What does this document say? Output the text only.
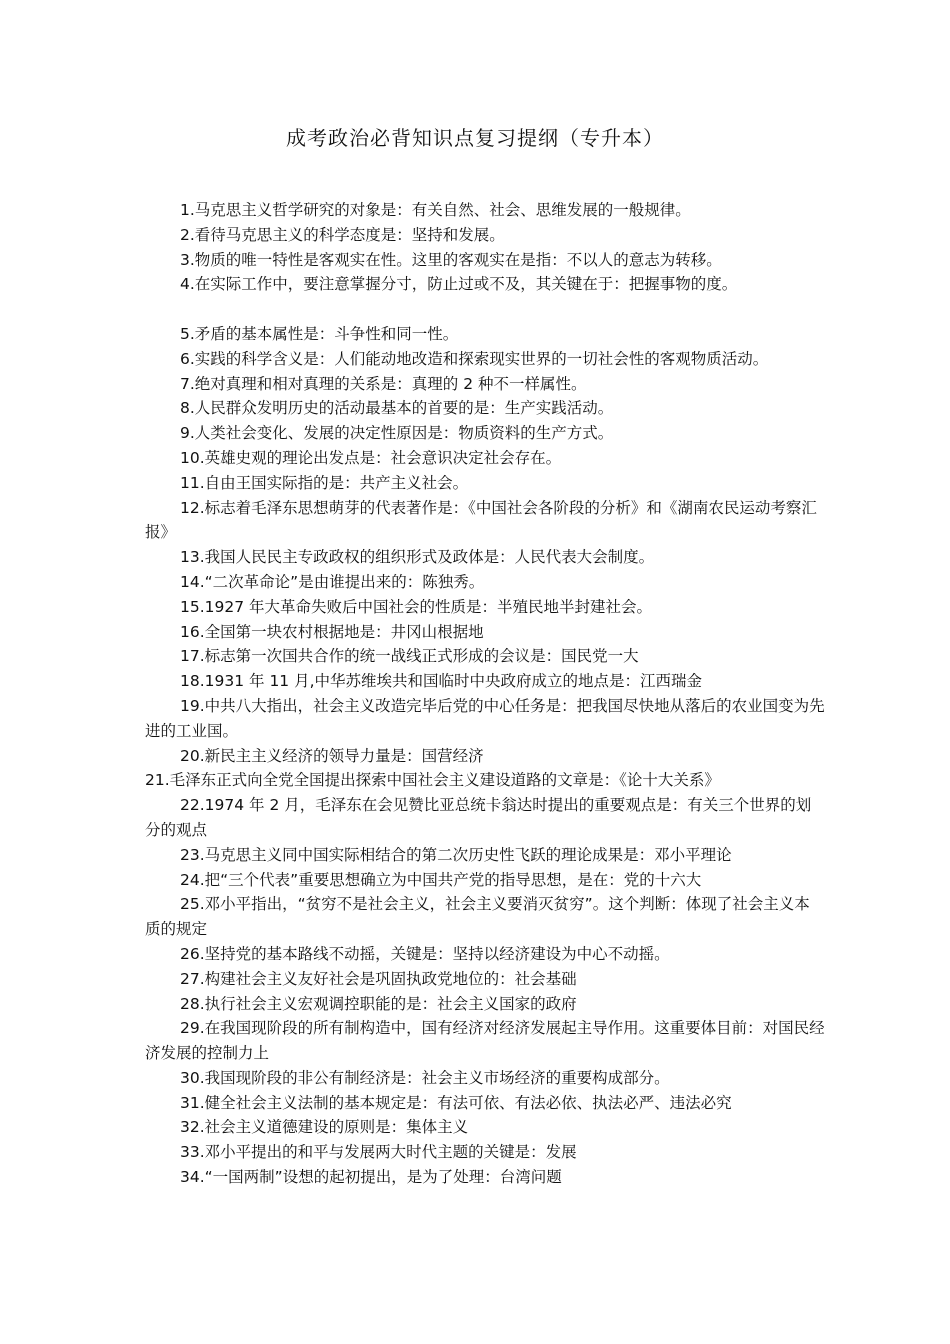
成考政治必背知识点复习提纲（专升本）

1.马克思主义哲学研究的对象是：有关自然、社会、思维发展的一般规律。

2.看待马克思主义的科学态度是：坚持和发展。

3.物质的唯一特性是客观实在性。这里的客观实在是指：不以人的意志为转移。

4.在实际工作中，要注意掌握分寸，防止过或不及，其关键在于：把握事物的度。

5.矛盾的基本属性是：斗争性和同一性。

6.实践的科学含义是：人们能动地改造和探索现实世界的一切社会性的客观物质活动。

7.绝对真理和相对真理的关系是：真理的 2 种不一样属性。

8.人民群众发明历史的活动最基本的首要的是：生产实践活动。

9.人类社会变化、发展的决定性原因是：物质资料的生产方式。

10.英雄史观的理论出发点是：社会意识决定社会存在。

11.自由王国实际指的是：共产主义社会。

12.标志着毛泽东思想萌芽的代表著作是：《中国社会各阶段的分析》和《湖南农民运动考察汇报》

13.我国人民民主专政政权的组织形式及政体是：人民代表大会制度。

14.“二次革命论”是由谁提出来的：陈独秀。

15.1927 年大革命失败后中国社会的性质是：半殖民地半封建社会。

16.全国第一块农村根据地是：井冈山根据地

17.标志第一次国共合作的统一战线正式形成的会议是：国民党一大

18.1931 年 11 月,中华苏维埃共和国临时中央政府成立的地点是：江西瑞金

19.中共八大指出，社会主义改造完毕后党的中心任务是：把我国尽快地从落后的农业国变为先进的工业国。

20.新民主主义经济的领导力量是：国营经济

21.毛泽东正式向全党全国提出探索中国社会主义建设道路的文章是：《论十大关系》

22.1974 年 2 月，毛泽东在会见赞比亚总统卡翁达时提出的重要观点是：有关三个世界的划分的观点

23.马克思主义同中国实际相结合的第二次历史性飞跃的理论成果是：邓小平理论

24.把“三个代表”重要思想确立为中国共产党的指导思想，是在：党的十六大

25.邓小平指出，“贫穷不是社会主义，社会主义要消灭贫穷”。这个判断：体现了社会主义本质的规定

26.坚持党的基本路线不动摇，关键是：坚持以经济建设为中心不动摇。

27.构建社会主义友好社会是巩固执政党地位的：社会基础

28.执行社会主义宏观调控职能的是：社会主义国家的政府

29.在我国现阶段的所有制构造中，国有经济对经济发展起主导作用。这重要体目前：对国民经济发展的控制力上

30.我国现阶段的非公有制经济是：社会主义市场经济的重要构成部分。

31.健全社会主义法制的基本规定是：有法可依、有法必依、执法必严、违法必究

32.社会主义道德建设的原则是：集体主义

33.邓小平提出的和平与发展两大时代主题的关键是：发展

34.“一国两制”设想的起初提出，是为了处理：台湾问题
